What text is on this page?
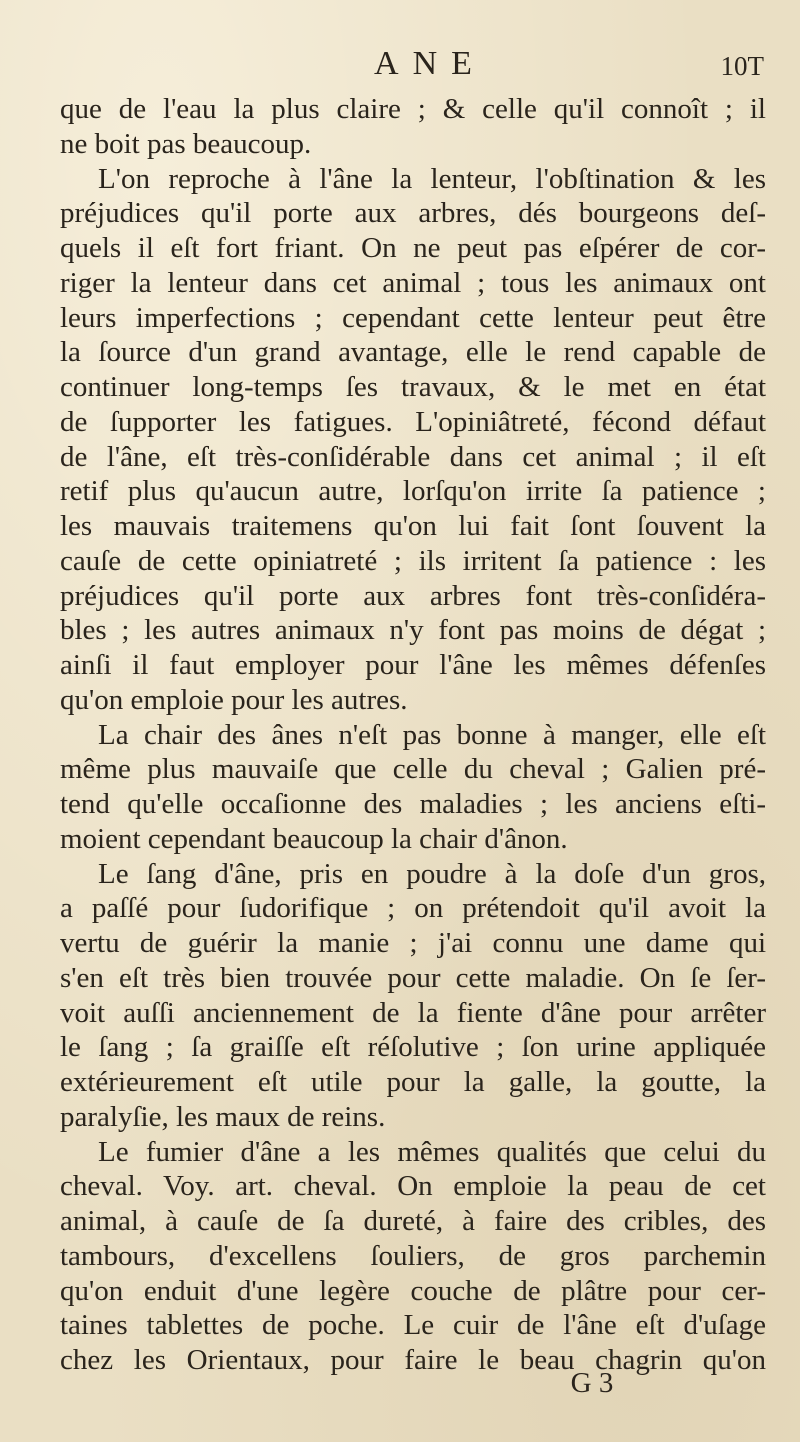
ANE	10T
que de l'eau la plus claire ; & celle qu'il connoît ; il
ne boit pas beaucoup.
L'on reproche à l'âne la lenteur, l'obſtination & les
préjudices qu'il porte aux arbres, dés bourgeons deſ-
quels il eſt fort friant. On ne peut pas eſpérer de cor-
riger la lenteur dans cet animal ; tous les animaux ont
leurs imperfections ; cependant cette lenteur peut être
la ſource d'un grand avantage, elle le rend capable de
continuer long-temps ſes travaux, & le met en état
de ſupporter les fatigues. L'opiniâtreté, fécond défaut
de l'âne, eſt très-conſidérable dans cet animal ; il eſt
retif plus qu'aucun autre, lorſqu'on irrite ſa patience ;
les mauvais traitemens qu'on lui fait ſont ſouvent la
cauſe de cette opiniatreté ; ils irritent ſa patience : les
préjudices qu'il porte aux arbres font très-conſidéra-
bles ; les autres animaux n'y font pas moins de dégat ;
ainſi il faut employer pour l'âne les mêmes défenſes
qu'on emploie pour les autres.
La chair des ânes n'eſt pas bonne à manger, elle eſt
même plus mauvaiſe que celle du cheval ; Galien pré-
tend qu'elle occaſionne des maladies ; les anciens eſti-
moient cependant beaucoup la chair d'ânon.
Le ſang d'âne, pris en poudre à la doſe d'un gros,
a paſſé pour ſudorifique ; on prétendoit qu'il avoit la
vertu de guérir la manie ; j'ai connu une dame qui
s'en eſt très bien trouvée pour cette maladie. On ſe ſer-
voit auſſi anciennement de la fiente d'âne pour arrêter
le ſang ; ſa graiſſe eſt réſolutive ; ſon urine appliquée
extérieurement eſt utile pour la galle, la goutte, la
paralyſie, les maux de reins.
Le fumier d'âne a les mêmes qualités que celui du
cheval. Voy. art. cheval. On emploie la peau de cet
animal, à cauſe de ſa dureté, à faire des cribles, des
tambours, d'excellens ſouliers, de gros parchemin
qu'on enduit d'une legère couche de plâtre pour cer-
taines tablettes de poche. Le cuir de l'âne eſt d'uſage
chez les Orientaux, pour faire le beau chagrin qu'on
G 3
